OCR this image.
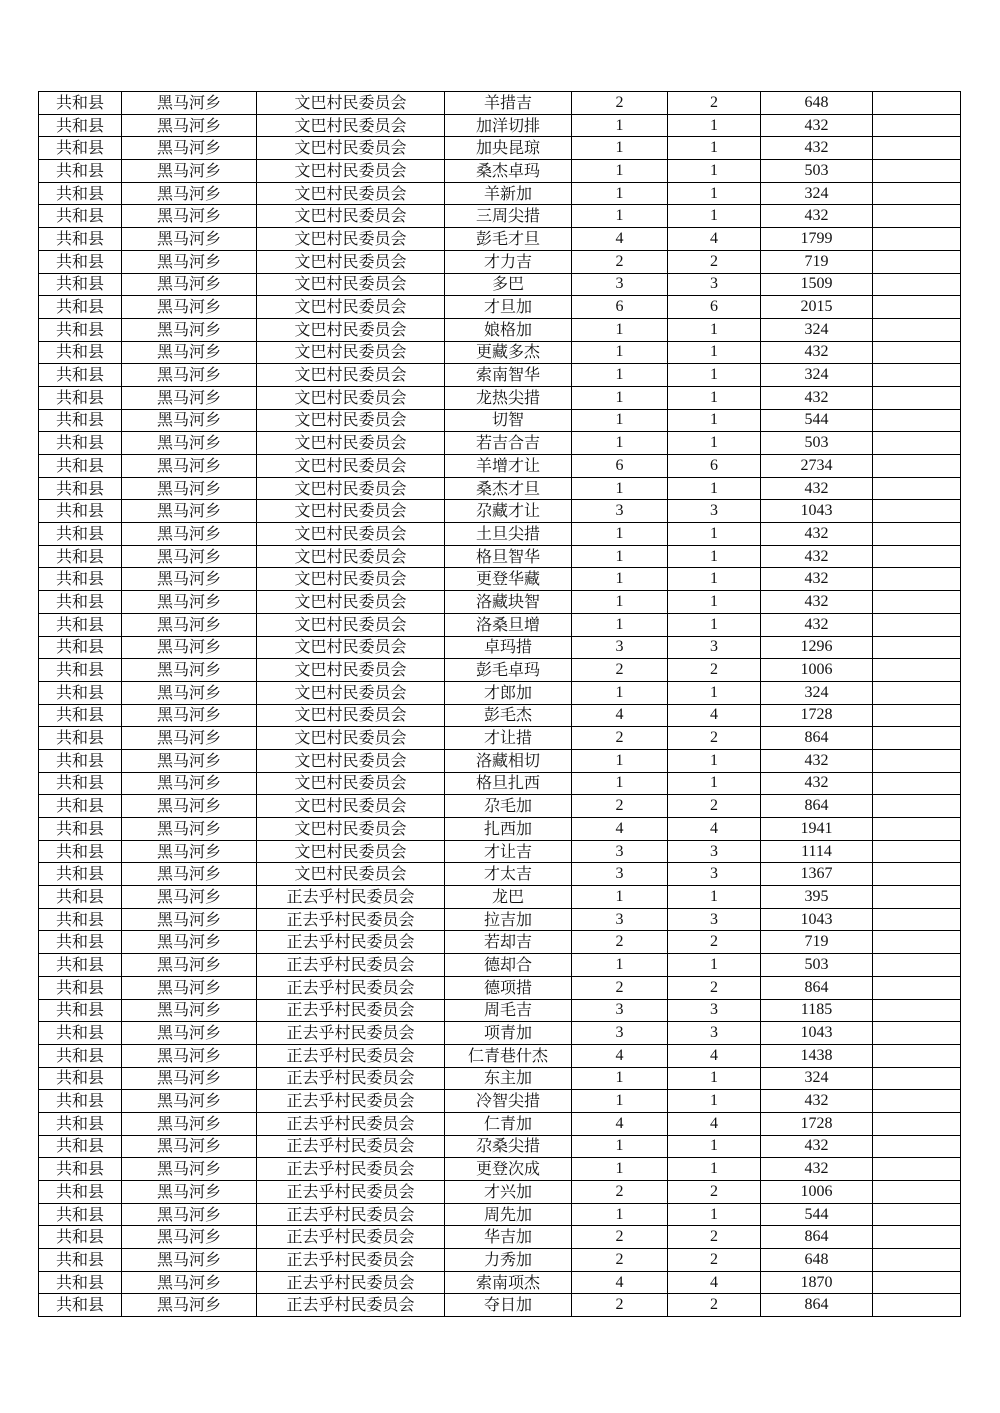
共和县	黑马河乡	文巴村民委员会	羊措吉	2	2	648	
共和县	黑马河乡	文巴村民委员会	加洋切排	1	1	432	
共和县	黑马河乡	文巴村民委员会	加央昆琼	1	1	432	
共和县	黑马河乡	文巴村民委员会	桑杰卓玛	1	1	503	
共和县	黑马河乡	文巴村民委员会	羊新加	1	1	324	
共和县	黑马河乡	文巴村民委员会	三周尖措	1	1	432	
共和县	黑马河乡	文巴村民委员会	彭毛才旦	4	4	1799	
共和县	黑马河乡	文巴村民委员会	才力吉	2	2	719	
共和县	黑马河乡	文巴村民委员会	多巴	3	3	1509	
共和县	黑马河乡	文巴村民委员会	才旦加	6	6	2015	
共和县	黑马河乡	文巴村民委员会	娘格加	1	1	324	
共和县	黑马河乡	文巴村民委员会	更藏多杰	1	1	432	
共和县	黑马河乡	文巴村民委员会	索南智华	1	1	324	
共和县	黑马河乡	文巴村民委员会	龙热尖措	1	1	432	
共和县	黑马河乡	文巴村民委员会	切智	1	1	544	
共和县	黑马河乡	文巴村民委员会	若吉合吉	1	1	503	
共和县	黑马河乡	文巴村民委员会	羊增才让	6	6	2734	
共和县	黑马河乡	文巴村民委员会	桑杰才旦	1	1	432	
共和县	黑马河乡	文巴村民委员会	尕藏才让	3	3	1043	
共和县	黑马河乡	文巴村民委员会	土旦尖措	1	1	432	
共和县	黑马河乡	文巴村民委员会	格旦智华	1	1	432	
共和县	黑马河乡	文巴村民委员会	更登华藏	1	1	432	
共和县	黑马河乡	文巴村民委员会	洛藏块智	1	1	432	
共和县	黑马河乡	文巴村民委员会	洛桑旦增	1	1	432	
共和县	黑马河乡	文巴村民委员会	卓玛措	3	3	1296	
共和县	黑马河乡	文巴村民委员会	彭毛卓玛	2	2	1006	
共和县	黑马河乡	文巴村民委员会	才郎加	1	1	324	
共和县	黑马河乡	文巴村民委员会	彭毛杰	4	4	1728	
共和县	黑马河乡	文巴村民委员会	才让措	2	2	864	
共和县	黑马河乡	文巴村民委员会	洛藏相切	1	1	432	
共和县	黑马河乡	文巴村民委员会	格旦扎西	1	1	432	
共和县	黑马河乡	文巴村民委员会	尕毛加	2	2	864	
共和县	黑马河乡	文巴村民委员会	扎西加	4	4	1941	
共和县	黑马河乡	文巴村民委员会	才让吉	3	3	1114	
共和县	黑马河乡	文巴村民委员会	才太吉	3	3	1367	
共和县	黑马河乡	正去乎村民委员会	龙巴	1	1	395	
共和县	黑马河乡	正去乎村民委员会	拉吉加	3	3	1043	
共和县	黑马河乡	正去乎村民委员会	若却吉	2	2	719	
共和县	黑马河乡	正去乎村民委员会	德却合	1	1	503	
共和县	黑马河乡	正去乎村民委员会	德项措	2	2	864	
共和县	黑马河乡	正去乎村民委员会	周毛吉	3	3	1185	
共和县	黑马河乡	正去乎村民委员会	项青加	3	3	1043	
共和县	黑马河乡	正去乎村民委员会	仁青巷什杰	4	4	1438	
共和县	黑马河乡	正去乎村民委员会	东主加	1	1	324	
共和县	黑马河乡	正去乎村民委员会	冷智尖措	1	1	432	
共和县	黑马河乡	正去乎村民委员会	仁青加	4	4	1728	
共和县	黑马河乡	正去乎村民委员会	尕桑尖措	1	1	432	
共和县	黑马河乡	正去乎村民委员会	更登次成	1	1	432	
共和县	黑马河乡	正去乎村民委员会	才兴加	2	2	1006	
共和县	黑马河乡	正去乎村民委员会	周先加	1	1	544	
共和县	黑马河乡	正去乎村民委员会	华吉加	2	2	864	
共和县	黑马河乡	正去乎村民委员会	力秀加	2	2	648	
共和县	黑马河乡	正去乎村民委员会	索南项杰	4	4	1870	
共和县	黑马河乡	正去乎村民委员会	夺日加	2	2	864	
